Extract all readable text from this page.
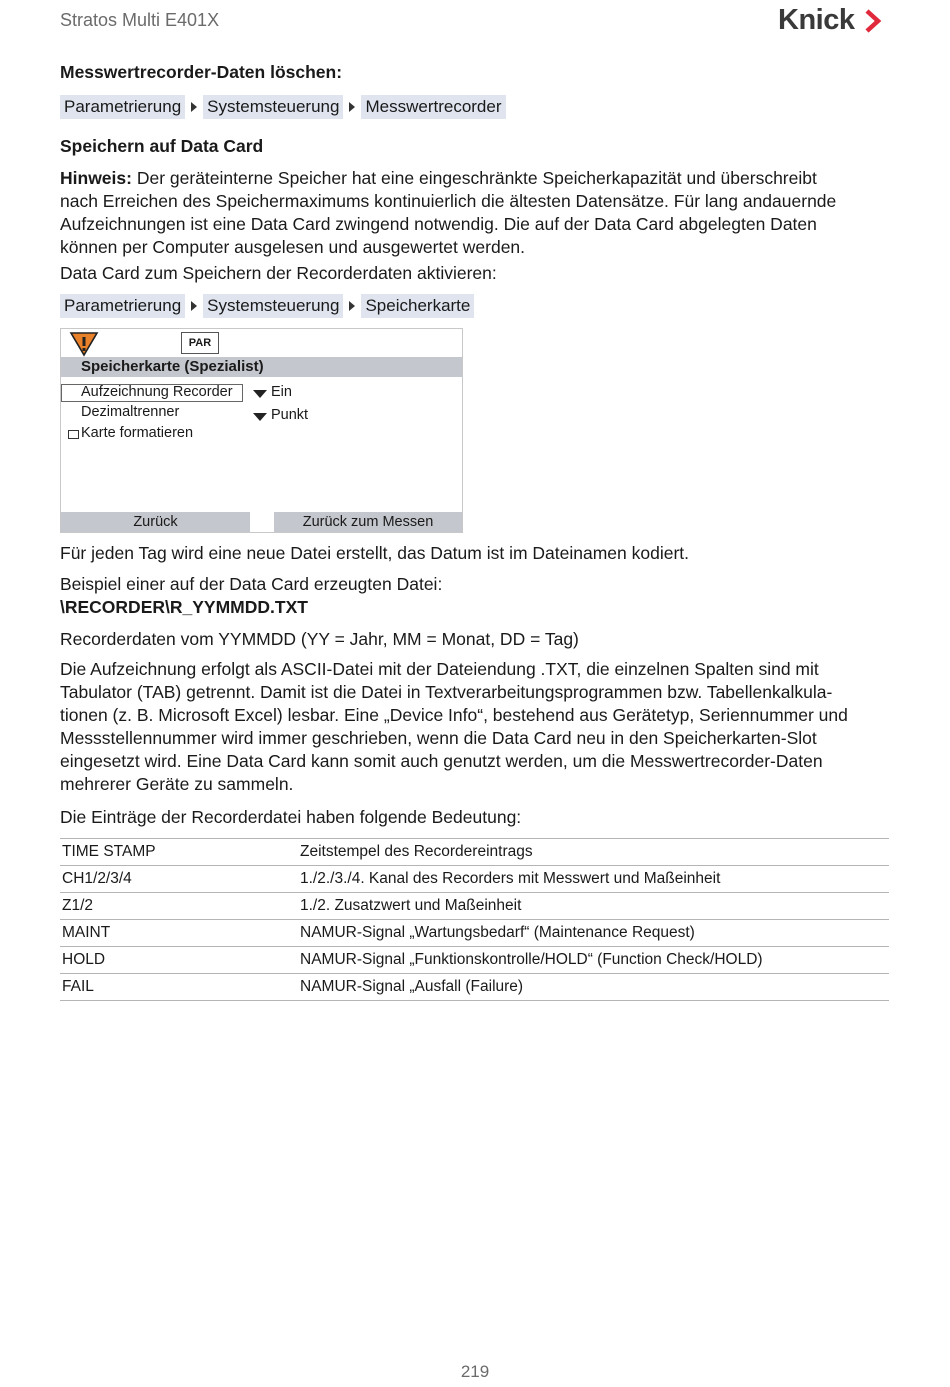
Stratos Multi E401X	Knick
Messwertrecorder-Daten löschen:
Parametrierung Systemsteuerung Messwertrecorder
Speichern auf Data Card
Hinweis: Der geräteinterne Speicher hat eine eingeschränkte Speicherkapazität und überschreibt
nach Erreichen des Speichermaximums kontinuierlich die ältesten Datensätze. Für lang andauernde
Aufzeichnungen ist eine Data Card zwingend notwendig. Die auf der Data Card abgelegten Daten
können per Computer ausgelesen und ausgewertet werden.
Data Card zum Speichern der Recorderdaten aktivieren:
Parametrierung Systemsteuerung Speicherkarte
PAR
Speicherkarte (Spezialist)
Aufzeichnung Recorder	Ein
Dezimaltrenner	Punkt
Karte formatieren
Zurück	Zurück zum Messen
Für jeden Tag wird eine neue Datei erstellt, das Datum ist im Dateinamen kodiert.
Beispiel einer auf der Data Card erzeugten Datei:
\RECORDER\R_YYMMDD.TXT
Recorderdaten vom YYMMDD (YY = Jahr, MM = Monat, DD = Tag)
Die Aufzeichnung erfolgt als ASCII-Datei mit der Dateiendung .TXT, die einzelnen Spalten sind mit
Tabulator (TAB) getrennt. Damit ist die Datei in Textverarbeitungsprogrammen bzw. Tabellenkalkula-
tionen (z. B. Microsoft Excel) lesbar. Eine „Device Info“, bestehend aus Gerätetyp, Seriennummer und
Messstellennummer wird immer geschrieben, wenn die Data Card neu in den Speicherkarten-Slot
eingesetzt wird. Eine Data Card kann somit auch genutzt werden, um die Messwertrecorder-Daten
mehrerer Geräte zu sammeln.
Die Einträge der Recorderdatei haben folgende Bedeutung:
TIME STAMP	Zeitstempel des Recordereintrags
CH1/2/3/4	1./2./3./4. Kanal des Recorders mit Messwert und Maßeinheit
Z1/2	1./2. Zusatzwert und Maßeinheit
MAINT	NAMUR-Signal „Wartungsbedarf“ (Maintenance Request)
HOLD	NAMUR-Signal „Funktionskontrolle/HOLD“ (Function Check/HOLD)
FAIL	NAMUR-Signal „Ausfall (Failure)
219
